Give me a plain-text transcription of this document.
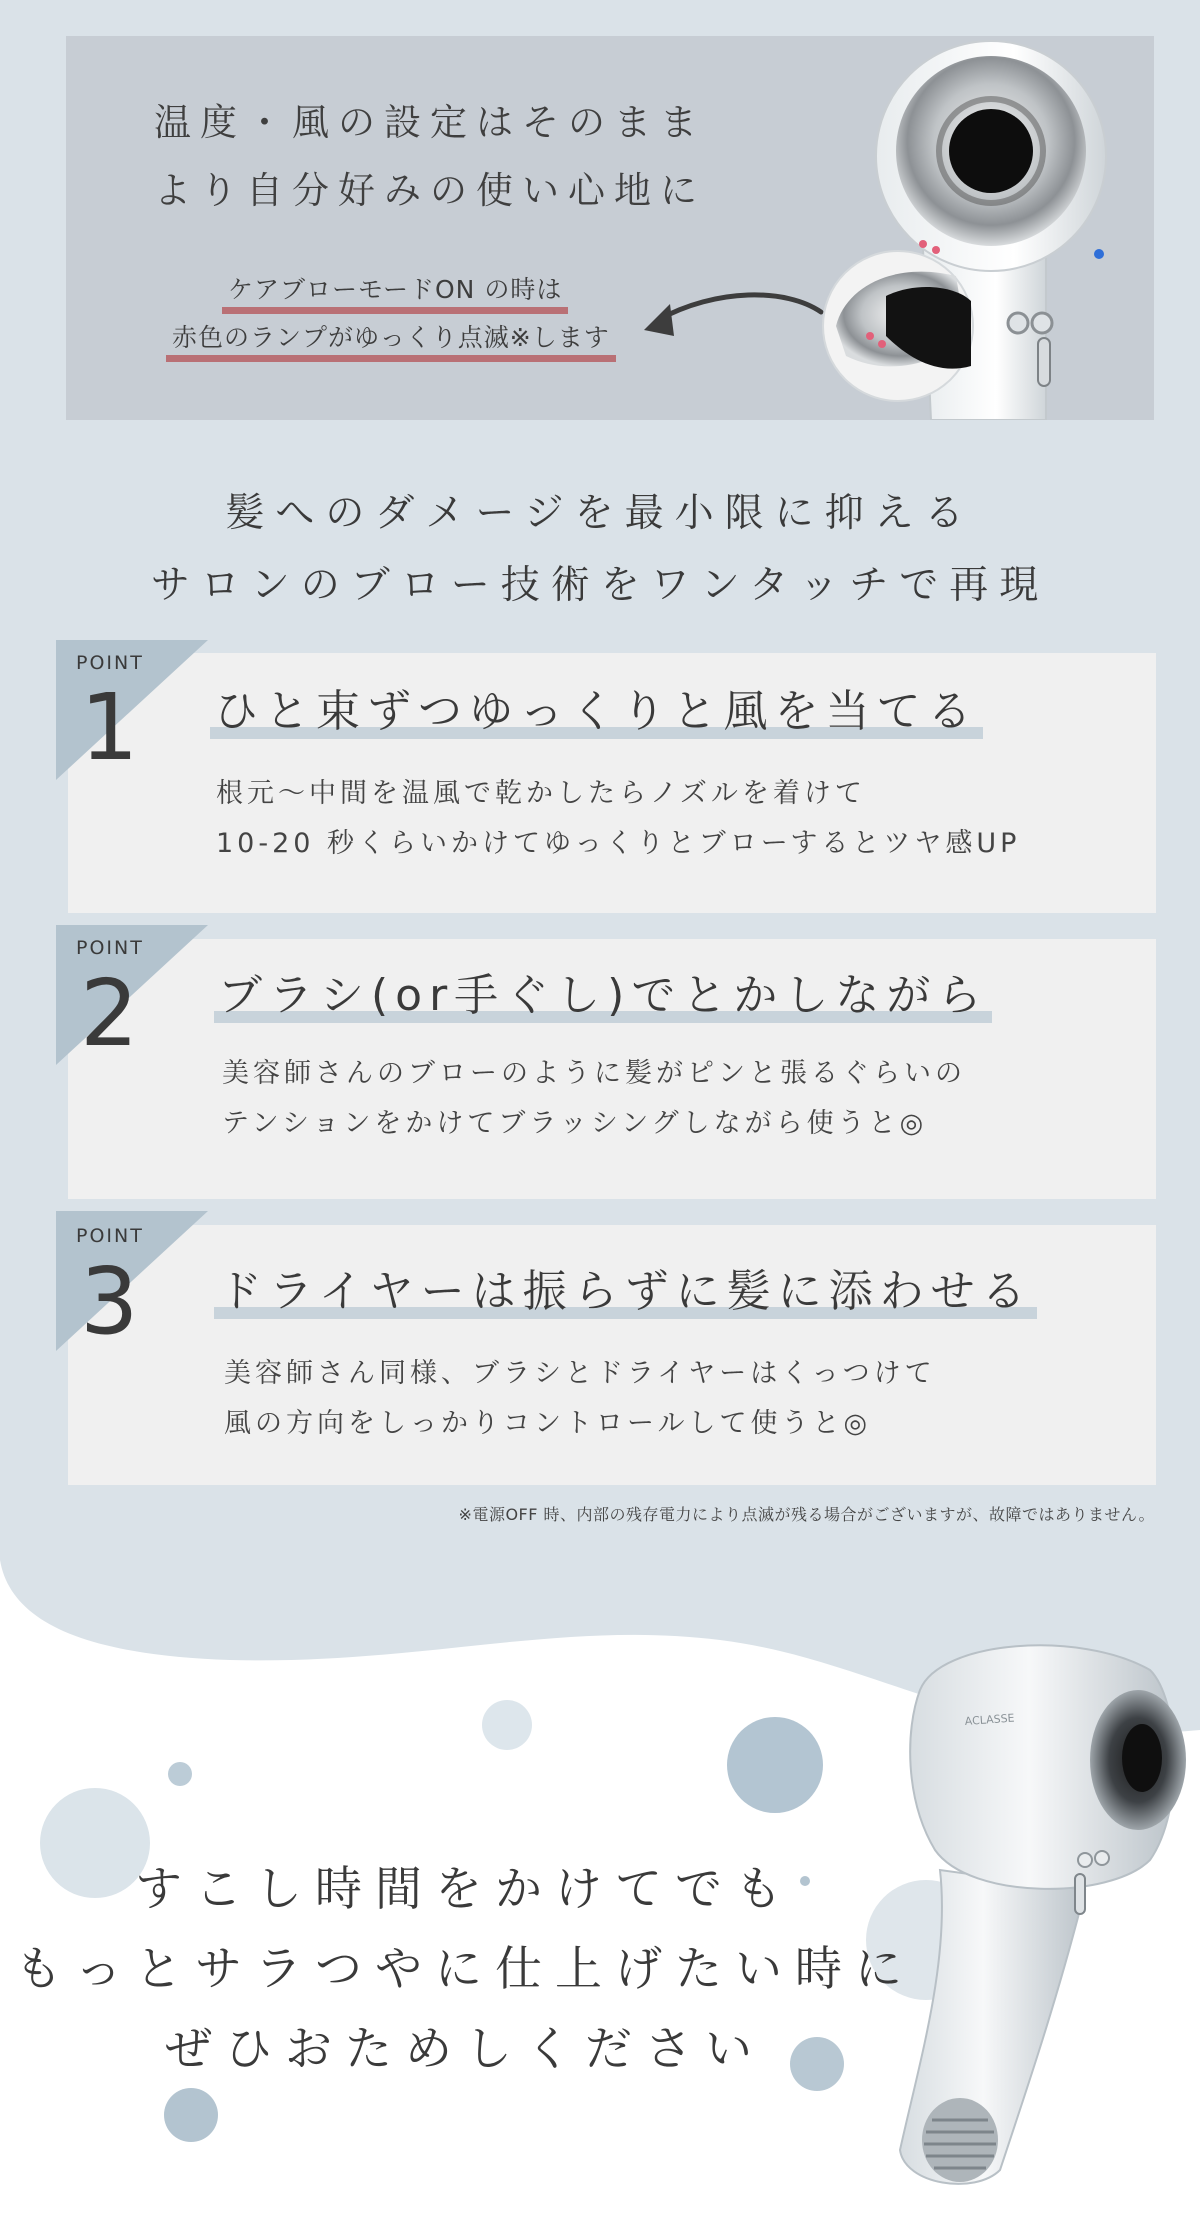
温度・風の設定はそのまま
より自分好みの使い心地に
ケアブローモードON の時は
赤色のランプがゆっくり点滅※します
髪へのダメージを最小限に抑える
サロンのブロー技術をワンタッチで再現
POINT
1 ひと束ずつゆっくりと風を当てる
根元～中間を温風で乾かしたらノズルを着けて
10-20 秒くらいかけてゆっくりとブローするとツヤ感UP
POINT
2 ブラシ(or手ぐし)でとかしながら
美容師さんのブローのように髪がピンと張るぐらいの
テンションをかけてブラッシングしながら使うと◎
POINT
3 ドライヤーは振らずに髪に添わせる
美容師さん同様、ブラシとドライヤーはくっつけて
風の方向をしっかりコントロールして使うと◎
※電源OFF 時、内部の残存電力により点滅が残る場合がございますが、故障ではありません。
すこし時間をかけてでも
もっとサラつやに仕上げたい時に
ぜひおためしください
ACLASSE
